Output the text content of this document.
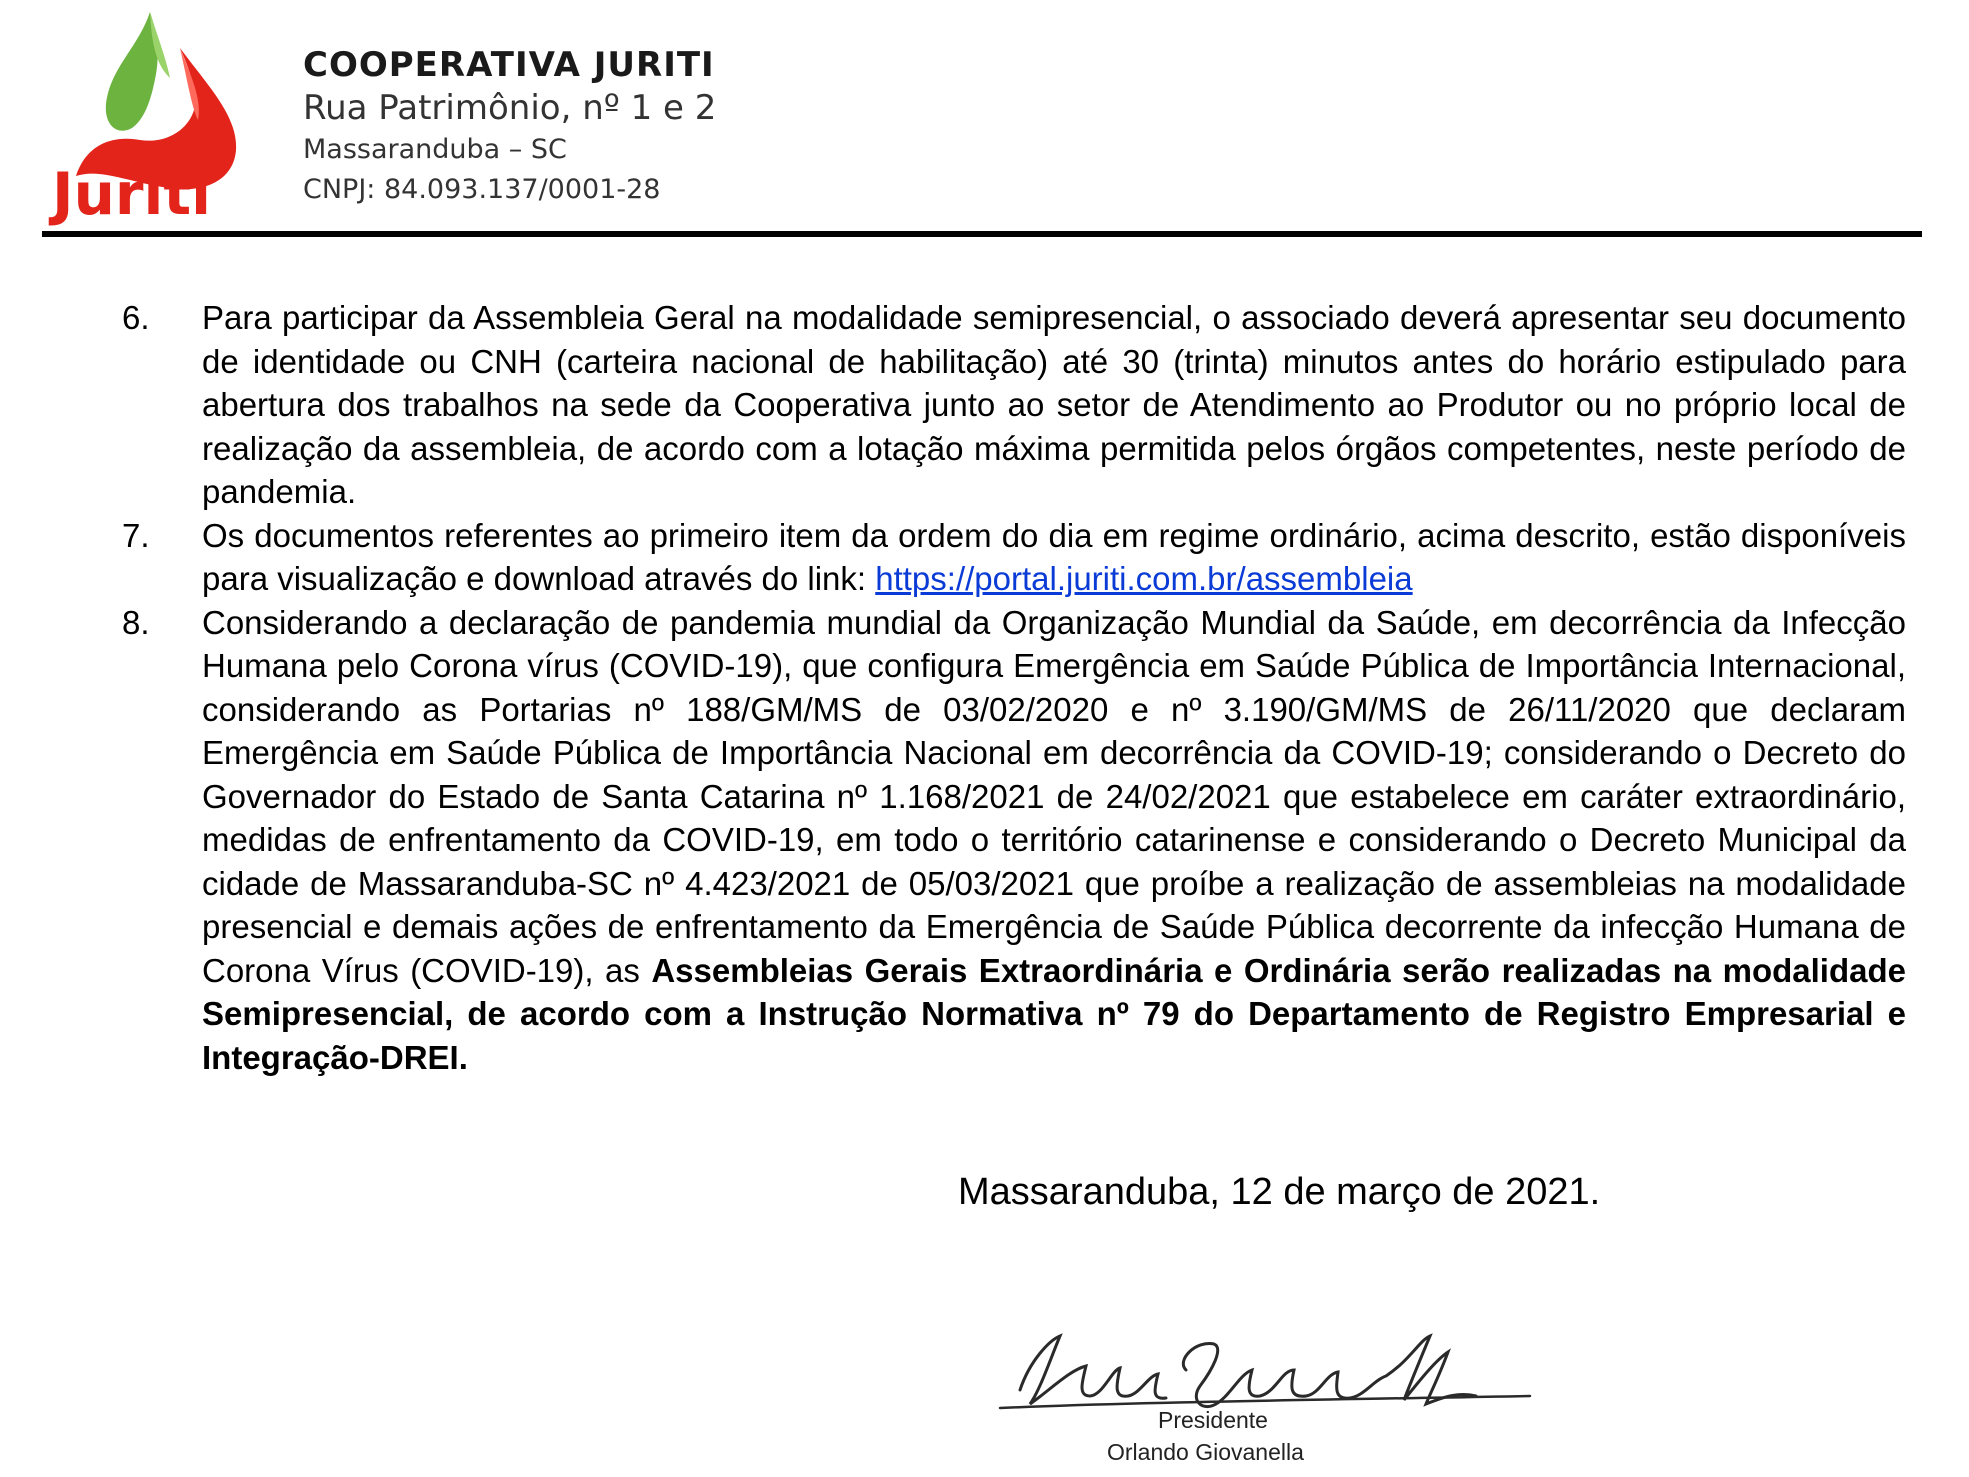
COOPER
Juriti
COOPERATIVA JURITI
Rua Patrimônio, nº 1 e 2
Massaranduba – SC
CNPJ: 84.093.137/0001-28
6. Para participar da Assembleia Geral na modalidade semipresencial, o associado deverá apresentar seu documento de identidade ou CNH (carteira nacional de habilitação) até 30 (trinta) minutos antes do horário estipulado para abertura dos trabalhos na sede da Cooperativa junto ao setor de Atendimento ao Produtor ou no próprio local de realização da assembleia, de acordo com a lotação máxima permitida pelos órgãos competentes, neste período de pandemia.
7. Os documentos referentes ao primeiro item da ordem do dia em regime ordinário, acima descrito, estão disponíveis para visualização e download através do link: https://portal.juriti.com.br/assembleia
8. Considerando a declaração de pandemia mundial da Organização Mundial da Saúde, em decorrência da Infecção Humana pelo Corona vírus (COVID-19), que configura Emergência em Saúde Pública de Importância Internacional, considerando as Portarias nº 188/GM/MS de 03/02/2020 e nº 3.190/GM/MS de 26/11/2020 que declaram Emergência em Saúde Pública de Importância Nacional em decorrência da COVID-19; considerando o Decreto do Governador do Estado de Santa Catarina nº 1.168/2021 de 24/02/2021 que estabelece em caráter extraordinário, medidas de enfrentamento da COVID-19, em todo o território catarinense e considerando o Decreto Municipal da cidade de Massaranduba-SC nº 4.423/2021 de 05/03/2021 que proíbe a realização de assembleias na modalidade presencial e demais ações de enfrentamento da Emergência de Saúde Pública decorrente da infecção Humana de Corona Vírus (COVID-19), as Assembleias Gerais Extraordinária e Ordinária serão realizadas na modalidade Semipresencial, de acordo com a Instrução Normativa nº 79 do Departamento de Registro Empresarial e Integração-DREI.
Massaranduba, 12 de março de 2021.
Presidente
Orlando Giovanella
